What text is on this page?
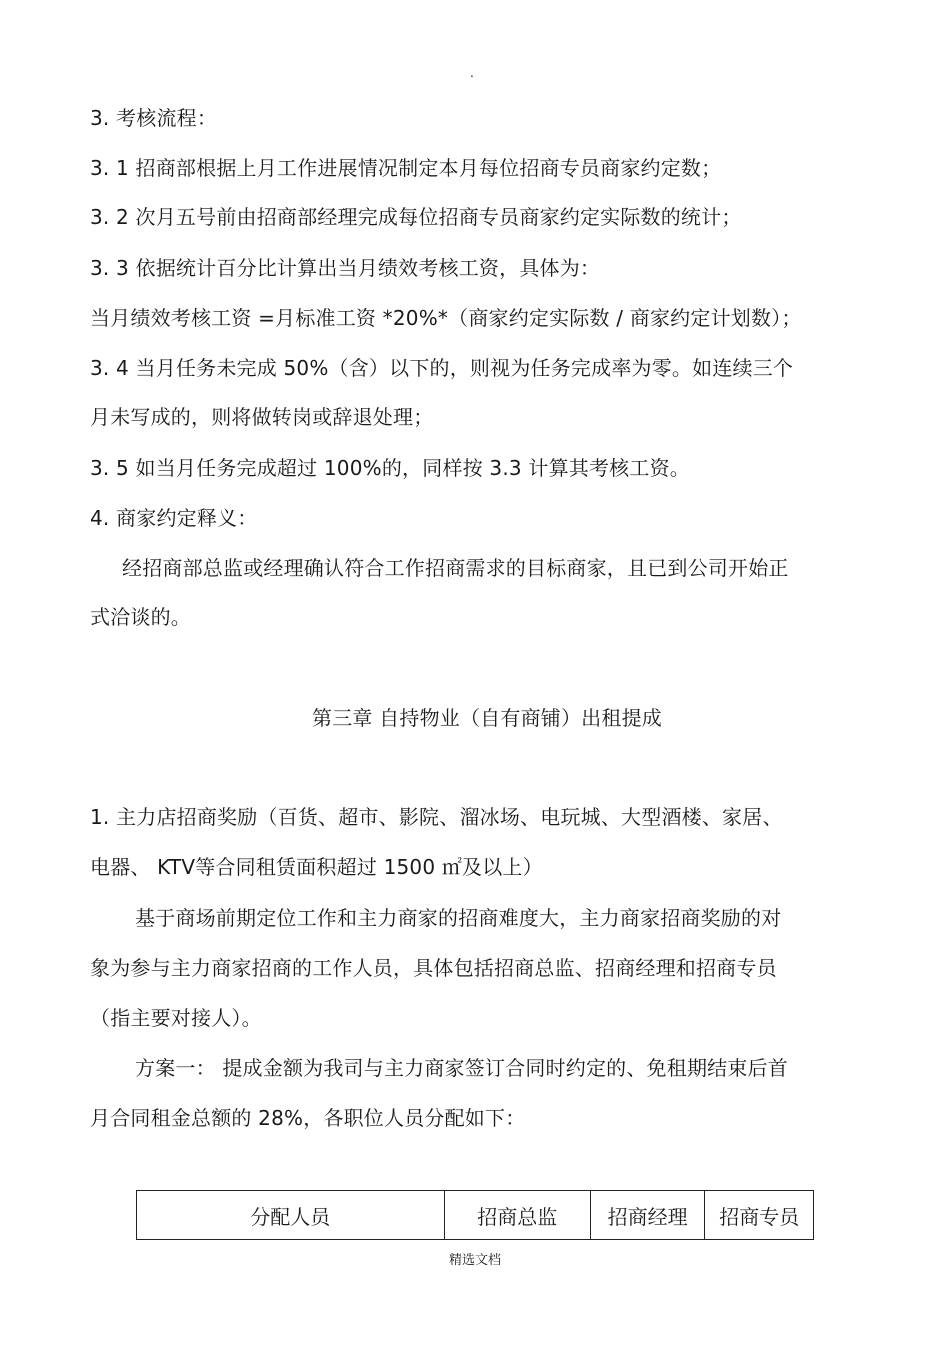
.
3. 考核流程：
3. 1 招商部根据上月工作进展情况制定本月每位招商专员商家约定数；
3. 2 次月五号前由招商部经理完成每位招商专员商家约定实际数的统计；
3. 3 依据统计百分比计算出当月绩效考核工资，具体为：
当月绩效考核工资 =月标准工资 *20%*（商家约定实际数 / 商家约定计划数）；
3. 4 当月任务未完成 50%（含）以下的，则视为任务完成率为零。如连续三个
月未写成的，则将做转岗或辞退处理；
3. 5 如当月任务完成超过 100%的，同样按 3.3 计算其考核工资。
4. 商家约定释义：
经招商部总监或经理确认符合工作招商需求的目标商家，且已到公司开始正
式洽谈的。
第三章 自持物业（自有商铺）出租提成
1. 主力店招商奖励（百货、超市、影院、溜冰场、电玩城、大型酒楼、家居、
电器、 KTV等合同租赁面积超过 1500 ㎡及以上）
基于商场前期定位工作和主力商家的招商难度大，主力商家招商奖励的对
象为参与主力商家招商的工作人员，具体包括招商总监、招商经理和招商专员
（指主要对接人）。
方案一： 提成金额为我司与主力商家签订合同时约定的、免租期结束后首
月合同租金总额的 28%，各职位人员分配如下：
分配人员	招商总监	招商经理	招商专员
精选文档
